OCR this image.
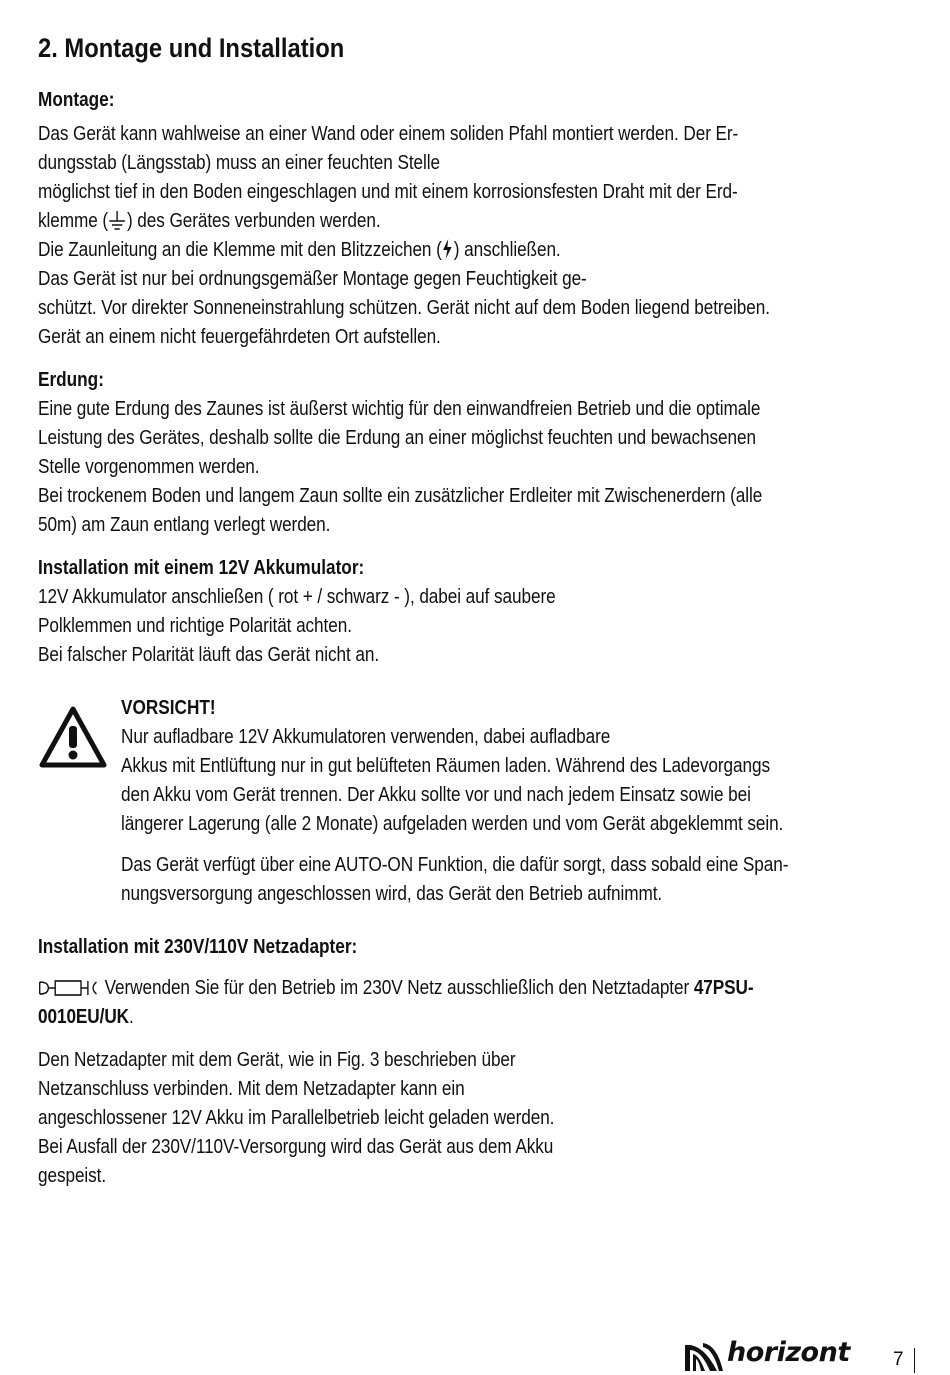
2. Montage und Installation
Montage:
Das Gerät kann wahlweise an einer Wand oder einem soliden Pfahl montiert werden. Der Er-
dungsstab (Längsstab) muss an einer feuchten Stelle
möglichst tief in den Boden eingeschlagen und mit einem korrosionsfesten Draht mit der Erd-
klemme ( ) des Gerätes verbunden werden.
Die Zaunleitung an die Klemme mit den Blitzzeichen ( ) anschließen.
Das Gerät ist nur bei ordnungsgemäßer Montage gegen Feuchtigkeit ge-
schützt. Vor direkter Sonneneinstrahlung schützen. Gerät nicht auf dem Boden liegend betreiben.
Gerät an einem nicht feuergefährdeten Ort aufstellen.
Erdung:
Eine gute Erdung des Zaunes ist äußerst wichtig für den einwandfreien Betrieb und die optimale
Leistung des Gerätes, deshalb sollte die Erdung an einer möglichst feuchten und bewachsenen
Stelle vorgenommen werden.
Bei trockenem Boden und langem Zaun sollte ein zusätzlicher Erdleiter mit Zwischenerdern (alle
50m) am Zaun entlang verlegt werden.
Installation mit einem 12V Akkumulator:
12V Akkumulator anschließen ( rot + / schwarz - ), dabei auf saubere
Polklemmen und richtige Polarität achten.
Bei falscher Polarität läuft das Gerät nicht an.
VORSICHT!
Nur aufladbare 12V Akkumulatoren verwenden, dabei aufladbare
Akkus mit Entlüftung nur in gut belüfteten Räumen laden. Während des Ladevorgangs
den Akku vom Gerät trennen. Der Akku sollte vor und nach jedem Einsatz sowie bei
längerer Lagerung (alle 2 Monate) aufgeladen werden und vom Gerät abgeklemmt sein.
Das Gerät verfügt über eine AUTO-ON Funktion, die dafür sorgt, dass sobald eine Span-
nungsversorgung angeschlossen wird, das Gerät den Betrieb aufnimmt.
Installation mit 230V/110V Netzadapter:
Verwenden Sie für den Betrieb im 230V Netz ausschließlich den Netztadapter 47PSU-
0010EU/UK.
Den Netzadapter mit dem Gerät, wie in Fig. 3 beschrieben über
Netzanschluss verbinden. Mit dem Netzadapter kann ein
angeschlossener 12V Akku im Parallelbetrieb leicht geladen werden.
Bei Ausfall der 230V/110V-Versorgung wird das Gerät aus dem Akku
gespeist.
horizont 7
